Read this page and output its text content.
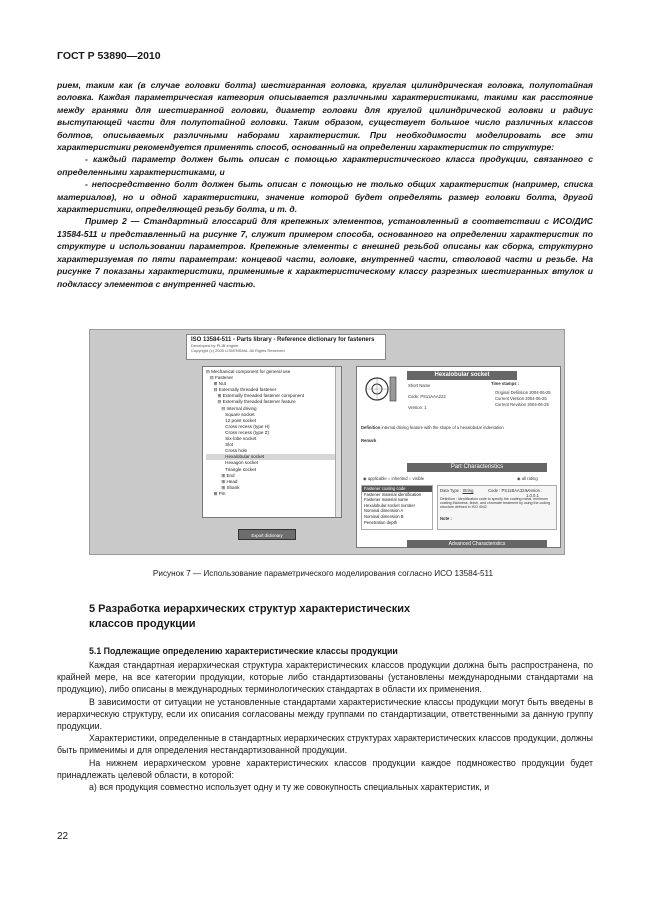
ГОСТ Р 53890—2010

рием, таким как (в случае головки болта) шестигранная головка, круглая цилиндрическая головка, полупотайная головка. Каждая параметрическая категория описывается различными характеристиками, такими как расстояние между гранями для шестигранной головки, диаметр головки для круглой цилиндрической головки и радиус выступающей части для полупотайной головки. Таким образом, существует большое число различных классов болтов, описываемых различными наборами характеристик. При необходимости моделировать все эти характеристики рекомендуется применять способ, основанный на определении характеристик по структуре:

- каждый параметр должен быть описан с помощью характеристического класса продукции, связанного с определенными характеристиками, и

- непосредственно болт должен быть описан с помощью не только общих характеристик (например, списка материалов), но и одной характеристики, значение которой будет определять размер головки болта, другой характеристики, определяющей резьбу болта, и т. д.

Пример 2 — Стандартный глоссарий для крепежных элементов, установленный в соответствии с ИСО/ДИС 13584-511 и представленный на рисунке 7, служит примером способа, основанного на определении характеристик по структуре и использовании параметров. Крепежные элементы с внешней резьбой описаны как сборка, структурно характеризуемая по пяти параметрам: концевой части, головке, внутренней части, стволовой части и резьбе. На рисунке 7 показаны характеристики, применимые к характеристическому классу разрезных шестигранных втулок и подклассу элементов с внутренней частью.

ISO 13584-511 - Parts library - Reference dictionary for fasteners
Developed by PLIB engine
Copyright (c) 2005 LISI/ENSMA. All Rights Reserved
⊟ Mechanical component for general use
⊟ Fastener
⊞ Nut
⊟ Externally threaded fastener
⊞ Externally threaded fastener component
⊟ Externally threaded fastener feature
⊟ Internal driving
Square socket
12 point socket
Cross recess (type H)
Cross recess (type Z)
Six-lobe socket
Slot
Cross hole
Hexalobular socket
Hexagon socket
Triangle socket
⊞ End
⊞ Head
⊞ Shank
⊞ Pin
Export dictionary
Hexalobular socket
Short Name
Code: PS11AAA222
Version: 1
Time stamps :
Original Definition 2004-06-25
Current Version 2004-06-25
Current Revision 2004-06-25
Definition internal driving feature with the shape of a hexalobular indentation
Remark
Part Characteristics
◉ applicable ○ inherited ○ visible	◉ all rating
Fastener coating code
Fastener material identification
Fastener material name
Hexalobular socket number
Nominal dimension A
Nominal dimension B
Penetration depth
Data Type : String	Code : PS11BAA324 Version : 1.0.0.1
Definition : identification code to specify the coating metal, minimum coating thickness, finish, and chromate treatment by using the coding structure defined in ISO 4042
Note :
Advanced Characteristics
Рисунок 7 — Использование параметрического моделирования согласно ИСО 13584-511
5 Разработка иерархических структур характеристических
классов продукции
5.1 Подлежащие определению характеристические классы продукции

Каждая стандартная иерархическая структура характеристических классов продукции должна быть распространена, по крайней мере, на все категории продукции, которые либо стандартизованы (установлены международными стандартами на продукцию), либо описаны в международных терминологических стандартах в области их применения.

В зависимости от ситуации не установленные стандартами характеристические классы продукции могут быть введены в иерархическую структуру, если их описания согласованы между группами по стандартизации, ответственными за данную группу продукции.

Характеристики, определенные в стандартных иерархических структурах характеристических классов продукции, должны быть применимы и для определения нестандартизованной продукции.

На нижнем иерархическом уровне характеристических классов продукции каждое подмножество продукции будет принадлежать целевой области, в которой:

а) вся продукция совместно использует одну и ту же совокупность специальных характеристик, и

22
